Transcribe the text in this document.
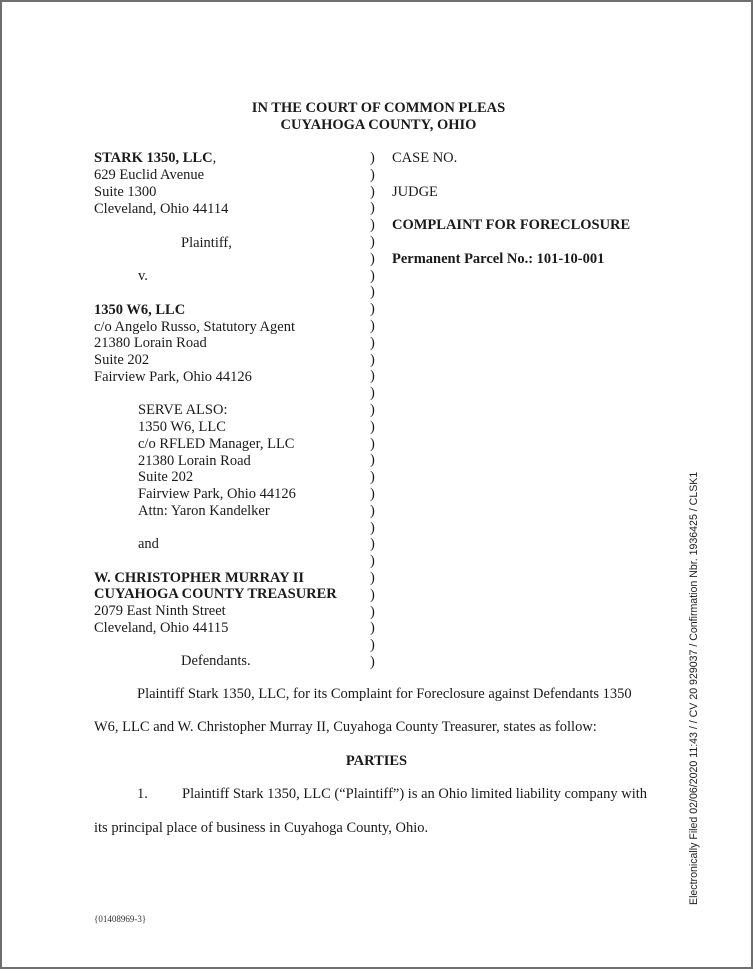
IN THE COURT OF COMMON PLEAS
CUYAHOGA COUNTY, OHIO
STARK 1350, LLC,
629 Euclid Avenue
Suite 1300
Cleveland, Ohio 44114
Plaintiff,
v.
1350 W6, LLC
c/o Angelo Russo, Statutory Agent
21380 Lorain Road
Suite 202
Fairview Park, Ohio 44126
SERVE ALSO:
1350 W6, LLC
c/o RFLED Manager, LLC
21380 Lorain Road
Suite 202
Fairview Park, Ohio 44126
Attn: Yaron Kandelker
and
W. CHRISTOPHER MURRAY II
CUYAHOGA COUNTY TREASURER
2079 East Ninth Street
Cleveland, Ohio 44115
Defendants.
)
)
)
)
)
)
)
)
)
)
)
)
)
)
)
)
)
)
)
)
)
)
)
)
)
)
)
)
)
)
)
CASE NO.
JUDGE
COMPLAINT FOR FORECLOSURE
Permanent Parcel No.: 101-10-001
Plaintiff Stark 1350, LLC, for its Complaint for Foreclosure against Defendants 1350
W6, LLC and W. Christopher Murray II, Cuyahoga County Treasurer, states as follow:
PARTIES
1. Plaintiff Stark 1350, LLC (“Plaintiff”) is an Ohio limited liability company with
its principal place of business in Cuyahoga County, Ohio.
{01408969-3}
Electronically Filed 02/06/2020 11:43 / / CV 20 929037 / Confirmation Nbr. 1936425 / CLSK1
